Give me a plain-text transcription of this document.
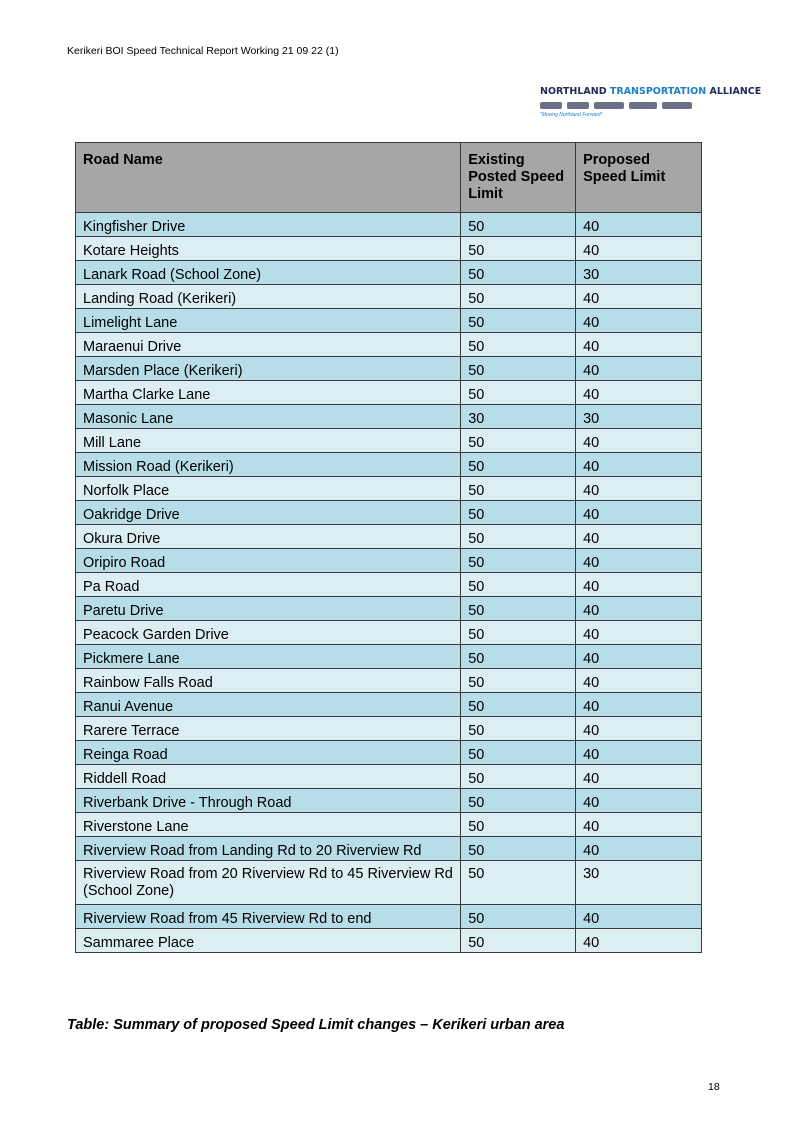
Kerikeri BOI Speed Technical Report Working 21 09 22 (1)
NORTHLAND TRANSPORTATION ALLIANCE
"Moving Northland Forward"
Road Name	Existing Posted Speed Limit	Proposed Speed Limit
Kingfisher Drive	50	40
Kotare Heights	50	40
Lanark Road (School Zone)	50	30
Landing Road (Kerikeri)	50	40
Limelight Lane	50	40
Maraenui Drive	50	40
Marsden Place (Kerikeri)	50	40
Martha Clarke Lane	50	40
Masonic Lane	30	30
Mill Lane	50	40
Mission Road (Kerikeri)	50	40
Norfolk Place	50	40
Oakridge Drive	50	40
Okura Drive	50	40
Oripiro Road	50	40
Pa Road	50	40
Paretu Drive	50	40
Peacock Garden Drive	50	40
Pickmere Lane	50	40
Rainbow Falls Road	50	40
Ranui Avenue	50	40
Rarere Terrace	50	40
Reinga Road	50	40
Riddell Road	50	40
Riverbank Drive - Through Road	50	40
Riverstone Lane	50	40
Riverview Road from Landing Rd to 20 Riverview Rd	50	40
Riverview Road from 20 Riverview Rd to 45 Riverview Rd (School Zone)	50	30
Riverview Road from 45 Riverview Rd to end	50	40
Sammaree Place	50	40
Table: Summary of proposed Speed Limit changes – Kerikeri urban area
18
